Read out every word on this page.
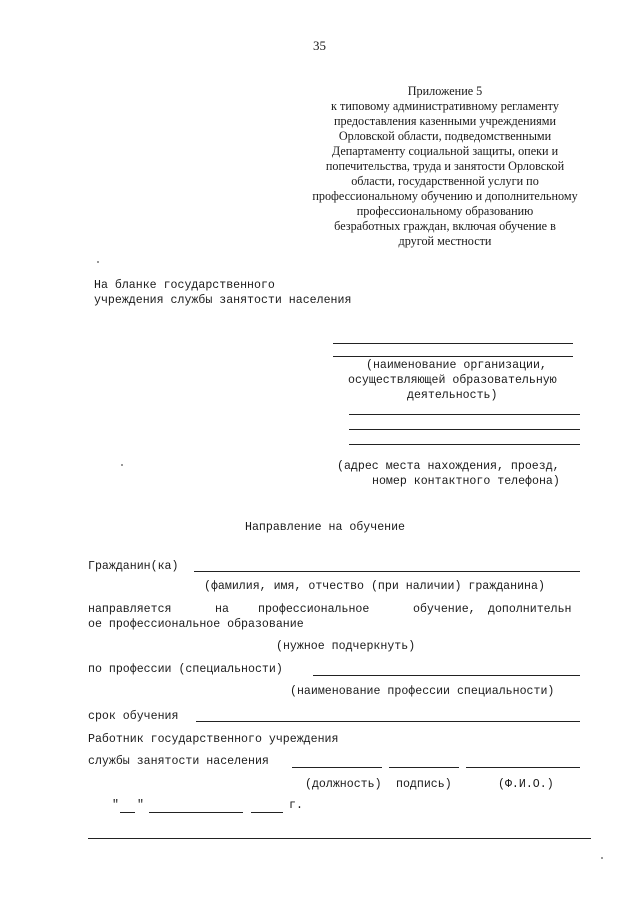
35
Приложение 5
к типовому административному регламенту
предоставления казенными учреждениями
Орловской области, подведомственными
Департаменту социальной защиты, опеки и
попечительства, труда и занятости Орловской
области, государственной услуги по
профессиональному обучению и дополнительному
профессиональному образованию
безработных граждан, включая обучение в
другой местности
На бланке государственного
учреждения службы занятости населения
(наименование организации,
осуществляющей образовательную
деятельность)
(адрес места нахождения, проезд,
номер контактного телефона)
Направление на обучение
Гражданин(ка)
(фамилия, имя, отчество (при наличии) гражданина)
направляется	на	профессиональное	обучение, дополнительн
ое профессиональное образование
(нужное подчеркнуть)
по профессии (специальности)
(наименование профессии специальности)
срок обучения
Работник государственного учреждения
службы занятости населения
(должность) подпись)	(Ф.И.О.)
" "	г.
